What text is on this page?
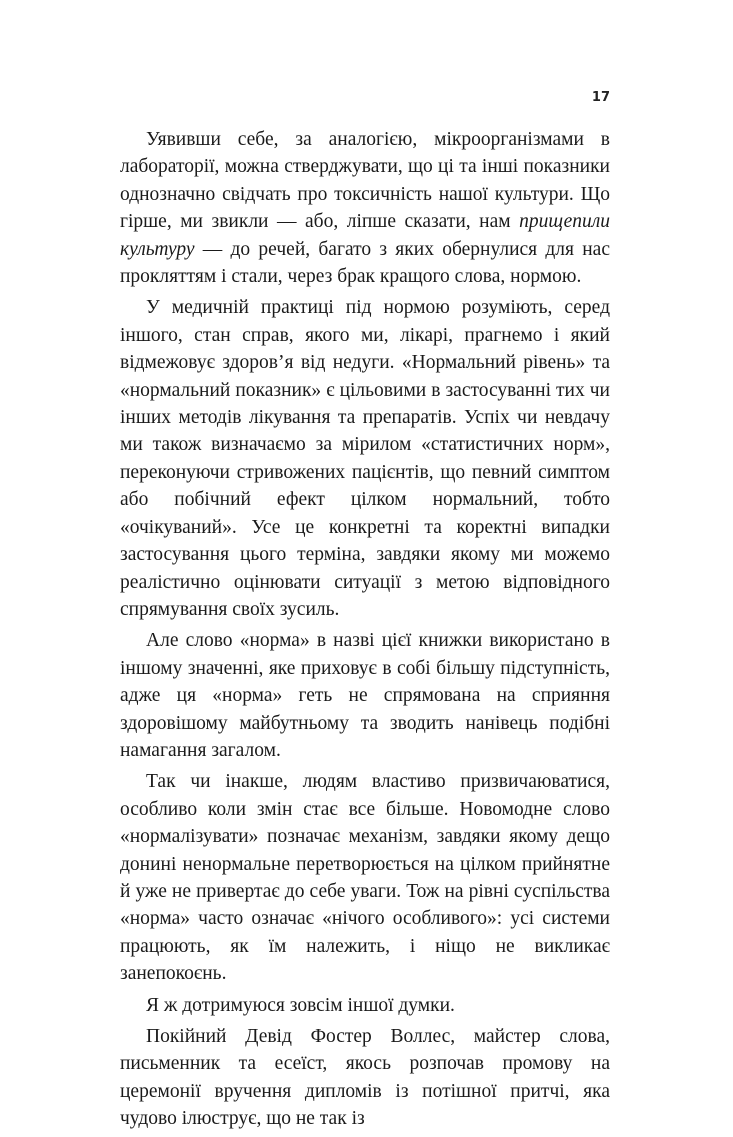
17

Уявивши себе, за аналогією, мікроорганізмами в лабораторії, можна стверджувати, що ці та інші показники однозначно свідчать про токсичність нашої культури. Що гірше, ми звикли — або, ліпше сказати, нам прищепили культуру — до речей, багато з яких обернулися для нас прокляттям і стали, через брак кращого слова, нормою.

У медичній практиці під нормою розуміють, серед іншого, стан справ, якого ми, лікарі, прагнемо і який відмежовує здоров’я від недуги. «Нормальний рівень» та «нормальний показник» є цільовими в застосуванні тих чи інших методів лікування та препаратів. Успіх чи невдачу ми також визначаємо за мірилом «статистичних норм», переконуючи стривожених пацієнтів, що певний симптом або побічний ефект цілком нормальний, тобто «очікуваний». Усе це конкретні та коректні випадки застосування цього терміна, завдяки якому ми можемо реалістично оцінювати ситуації з метою відповідного спрямування своїх зусиль.

Але слово «норма» в назві цієї книжки використано в іншому значенні, яке приховує в собі більшу підступність, адже ця «норма» геть не спрямована на сприяння здоровішому майбутньому та зводить нанівець подібні намагання загалом.

Так чи інакше, людям властиво призвичаюватися, особливо коли змін стає все більше. Новомодне слово «нормалізувати» позначає механізм, завдяки якому дещо донині ненормальне перетворюється на цілком прийнятне й уже не привертає до себе уваги. Тож на рівні суспільства «норма» часто означає «нічого особливого»: усі системи працюють, як їм належить, і ніщо не викликає занепокоєнь.

Я ж дотримуюся зовсім іншої думки.

Покійний Девід Фостер Воллес, майстер слова, письменник та есеїст, якось розпочав промову на церемонії вручення дипломів із потішної притчі, яка чудово ілюструє, що не так із
